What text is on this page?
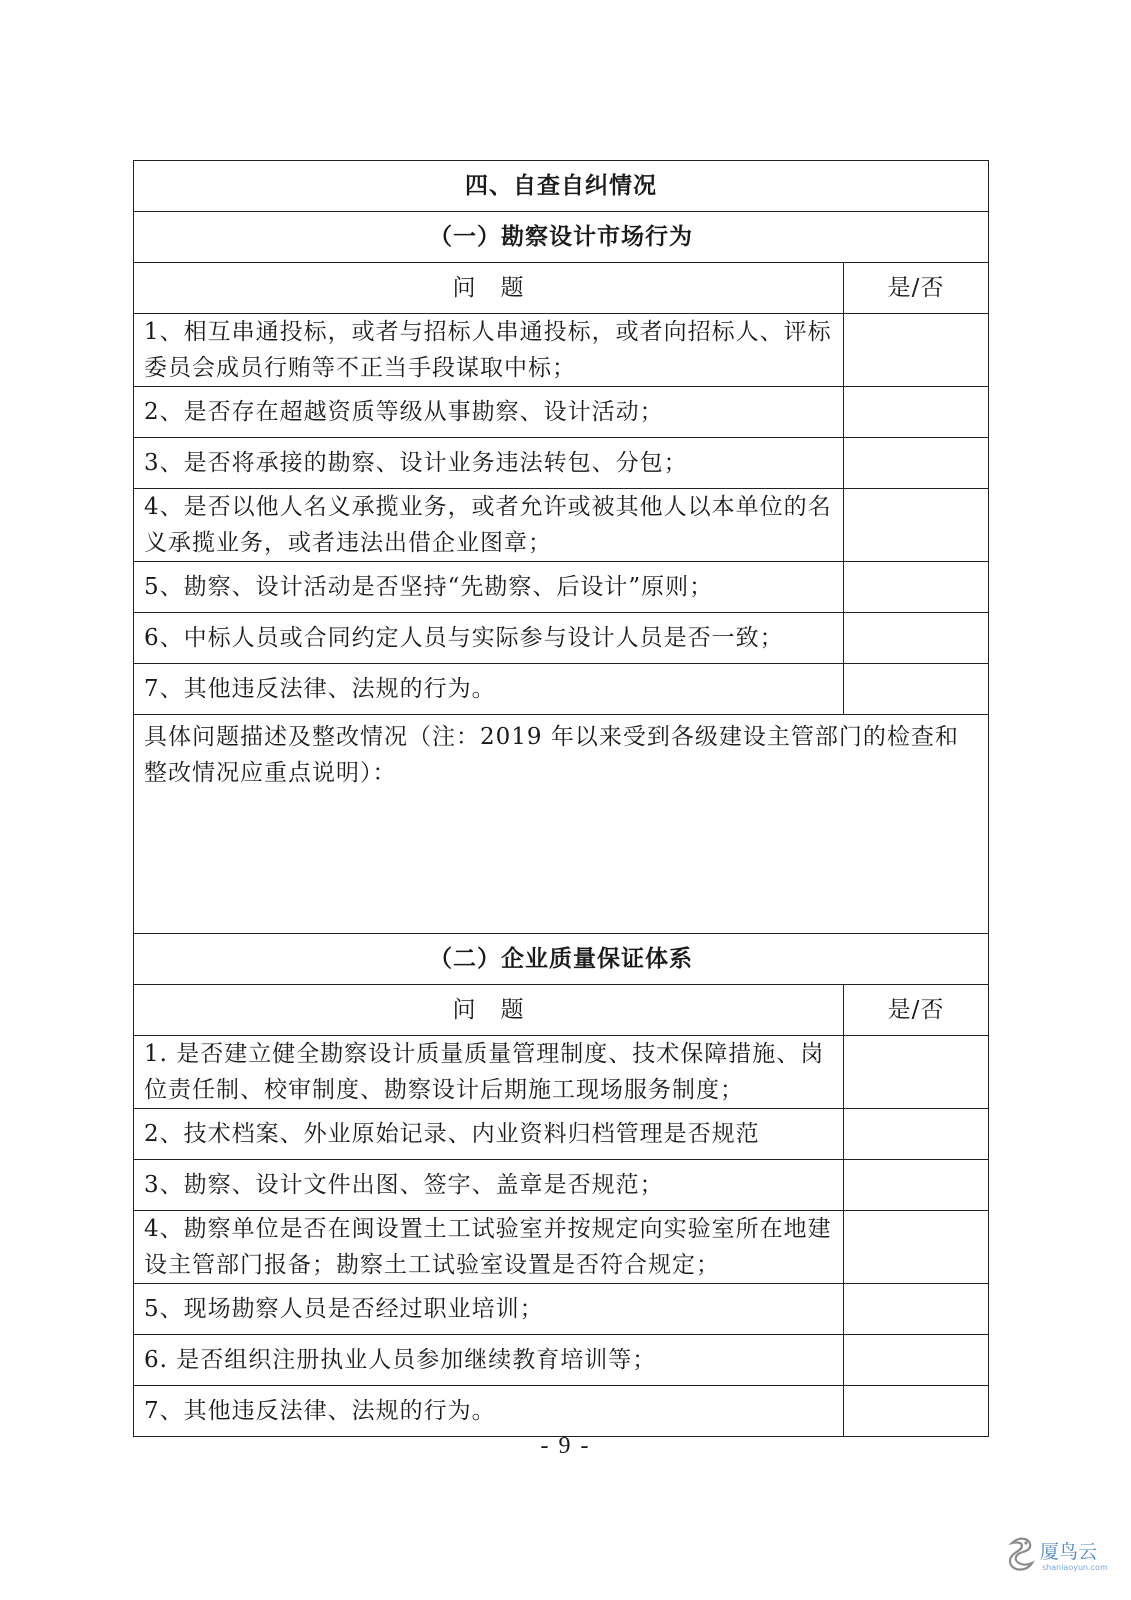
四、自查自纠情况	
（一）勘察设计市场行为	
问　题	是/否
1、相互串通投标，或者与招标人串通投标，或者向招标人、评标委员会成员行贿等不正当手段谋取中标；	
2、是否存在超越资质等级从事勘察、设计活动；	
3、是否将承接的勘察、设计业务违法转包、分包；	
4、是否以他人名义承揽业务，或者允许或被其他人以本单位的名义承揽业务，或者违法出借企业图章；	
5、勘察、设计活动是否坚持“先勘察、后设计”原则；	
6、中标人员或合同约定人员与实际参与设计人员是否一致；	
7、其他违反法律、法规的行为。	
具体问题描述及整改情况（注：2019 年以来受到各级建设主管部门的检查和整改情况应重点说明）：	
（二）企业质量保证体系	
问　题	是/否
1. 是否建立健全勘察设计质量质量管理制度、技术保障措施、岗位责任制、校审制度、勘察设计后期施工现场服务制度；	
2、技术档案、外业原始记录、内业资料归档管理是否规范	
3、勘察、设计文件出图、签字、盖章是否规范；	
4、勘察单位是否在闽设置土工试验室并按规定向实验室所在地建设主管部门报备；勘察土工试验室设置是否符合规定；	
5、现场勘察人员是否经过职业培训；	
6. 是否组织注册执业人员参加继续教育培训等；	
7、其他违反法律、法规的行为。	
- 9 -
厦鸟云
shaniaoyun.com
